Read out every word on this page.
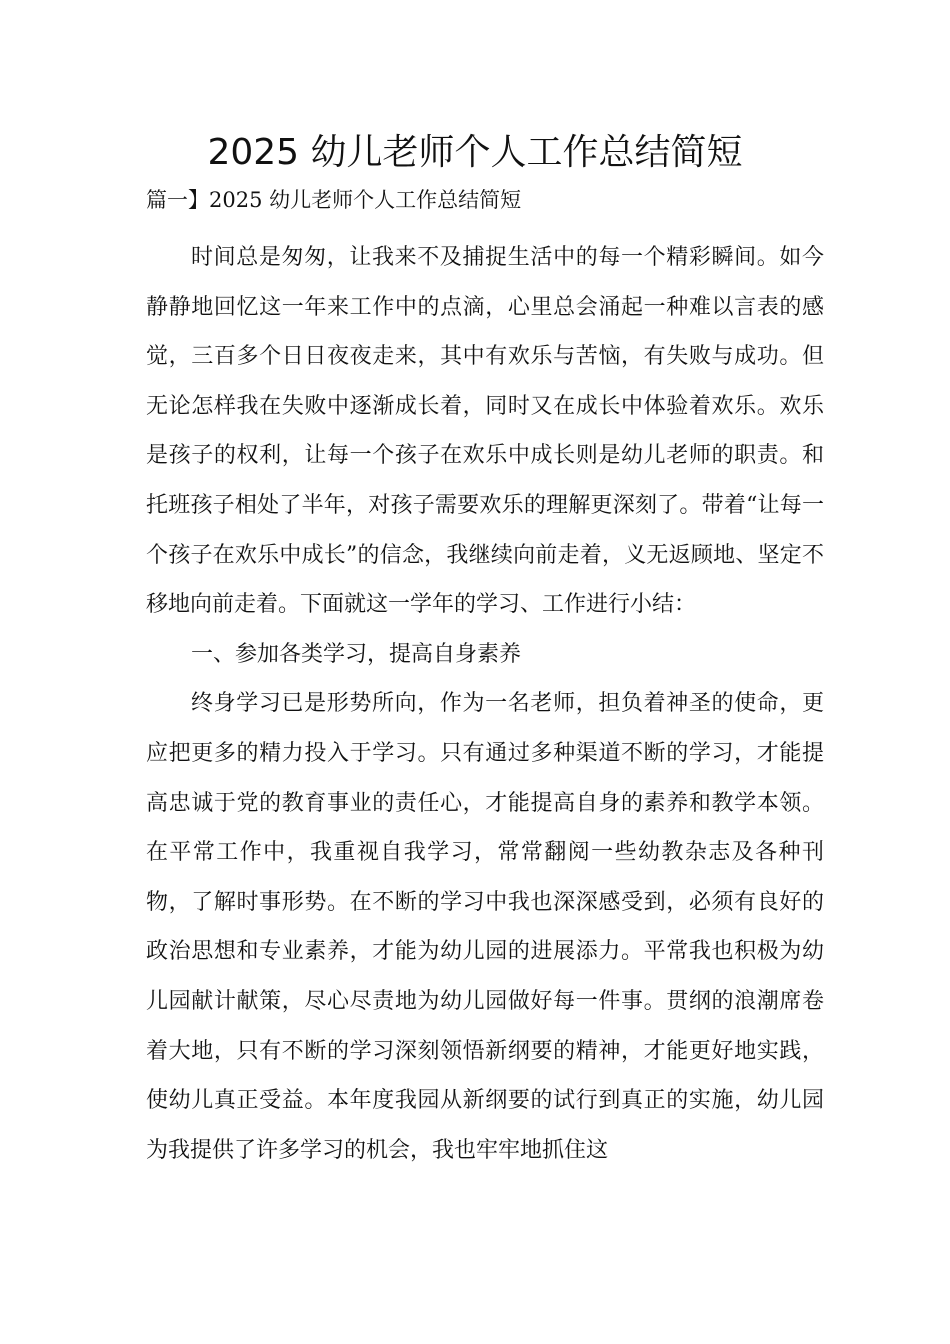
2025 幼儿老师个人工作总结简短

篇一】2025 幼儿老师个人工作总结简短

时间总是匆匆，让我来不及捕捉生活中的每一个精彩瞬间。如今静静地回忆这一年来工作中的点滴，心里总会涌起一种难以言表的感觉，三百多个日日夜夜走来，其中有欢乐与苦恼，有失败与成功。但无论怎样我在失败中逐渐成长着，同时又在成长中体验着欢乐。欢乐是孩子的权利，让每一个孩子在欢乐中成长则是幼儿老师的职责。和托班孩子相处了半年，对孩子需要欢乐的理解更深刻了。带着“让每一个孩子在欢乐中成长”的信念，我继续向前走着，义无返顾地、坚定不移地向前走着。下面就这一学年的学习、工作进行小结：

一、参加各类学习，提高自身素养

终身学习已是形势所向，作为一名老师，担负着神圣的使命，更应把更多的精力投入于学习。只有通过多种渠道不断的学习，才能提高忠诚于党的教育事业的责任心，才能提高自身的素养和教学本领。在平常工作中，我重视自我学习，常常翻阅一些幼教杂志及各种刊物，了解时事形势。在不断的学习中我也深深感受到，必须有良好的政治思想和专业素养，才能为幼儿园的进展添力。平常我也积极为幼儿园献计献策，尽心尽责地为幼儿园做好每一件事。贯纲的浪潮席卷着大地，只有不断的学习深刻领悟新纲要的精神，才能更好地实践，使幼儿真正受益。本年度我园从新纲要的试行到真正的实施，幼儿园为我提供了许多学习的机会，我也牢牢地抓住这
